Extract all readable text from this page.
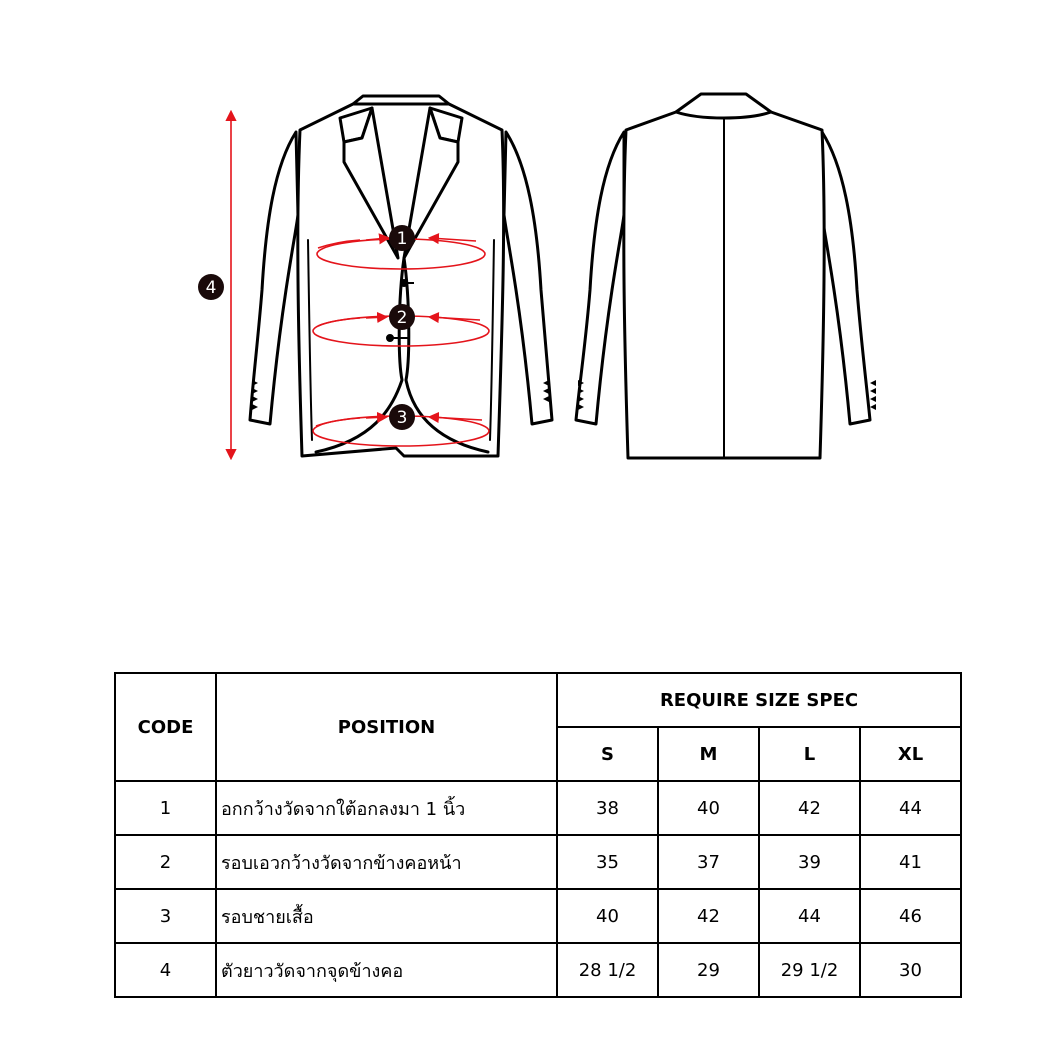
1
2
3
4
CODE	POSITION	REQUIRE SIZE SPEC			
		S	M	L	XL
1	อกกว้างวัดจากใต้อกลงมา 1 นิ้ว	38	40	42	44
2	รอบเอวกว้างวัดจากข้างคอหน้า	35	37	39	41
3	รอบชายเสื้อ	40	42	44	46
4	ตัวยาววัดจากจุดข้างคอ	28 1/2	29	29 1/2	30
